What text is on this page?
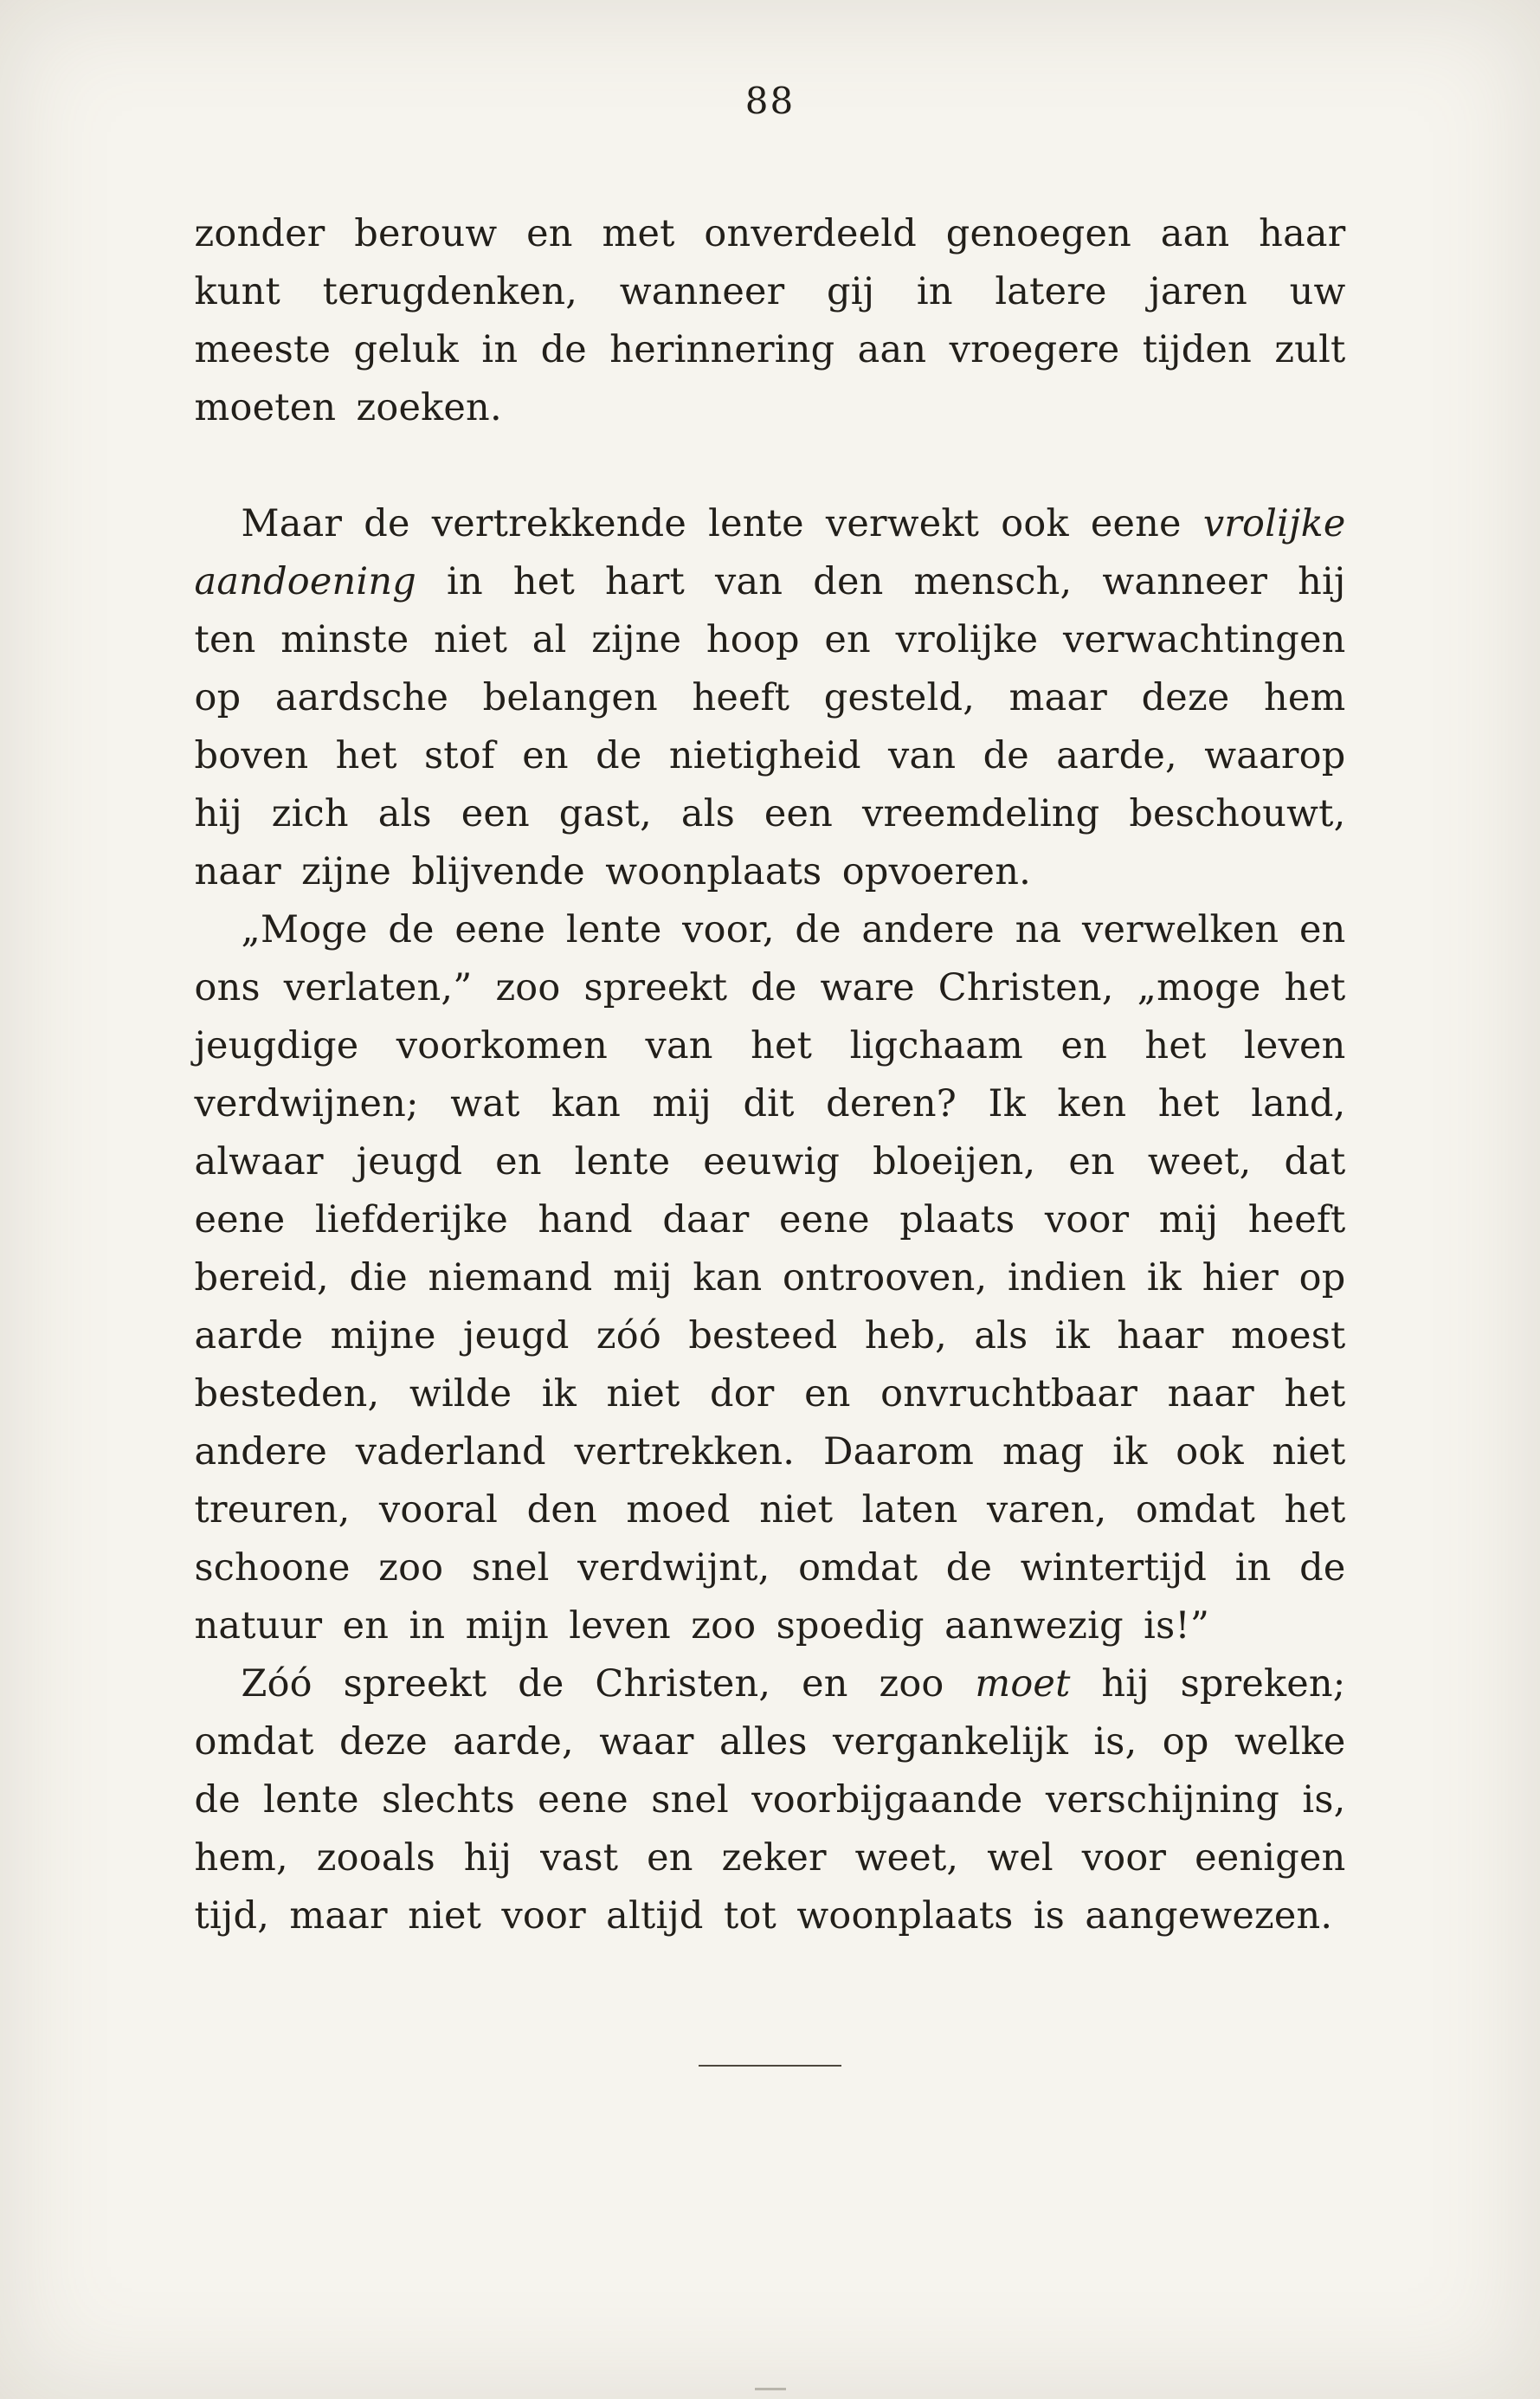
88

zonder berouw en met onverdeeld genoegen aan haar kunt terugdenken, wanneer gij in latere jaren uw meeste geluk in de herinnering aan vroegere tijden zult moeten zoeken.

Maar de vertrekkende lente verwekt ook eene vrolijke aandoening in het hart van den mensch, wanneer hij ten minste niet al zijne hoop en vrolijke verwachtingen op aardsche belangen heeft gesteld, maar deze hem boven het stof en de nietigheid van de aarde, waarop hij zich als een gast, als een vreemdeling beschouwt, naar zijne blijvende woonplaats opvoeren.

„Moge de eene lente voor, de andere na verwelken en ons verlaten,” zoo spreekt de ware Christen, „moge het jeugdige voorkomen van het ligchaam en het leven verdwijnen; wat kan mij dit deren? Ik ken het land, alwaar jeugd en lente eeuwig bloeijen, en weet, dat eene liefderijke hand daar eene plaats voor mij heeft bereid, die niemand mij kan ontrooven, indien ik hier op aarde mijne jeugd zóó besteed heb, als ik haar moest besteden, wilde ik niet dor en onvruchtbaar naar het andere vaderland vertrekken. Daarom mag ik ook niet treuren, vooral den moed niet laten varen, omdat het schoone zoo snel verdwijnt, omdat de wintertijd in de natuur en in mijn leven zoo spoedig aanwezig is!”

Zóó spreekt de Christen, en zoo moet hij spreken; omdat deze aarde, waar alles vergankelijk is, op welke de lente slechts eene snel voorbijgaande verschijning is, hem, zooals hij vast en zeker weet, wel voor eenigen tijd, maar niet voor altijd tot woonplaats is aangewezen.
